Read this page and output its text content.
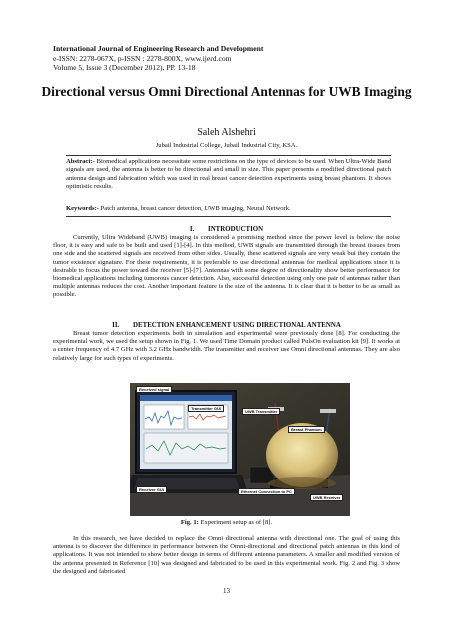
International Journal of Engineering Research and Development
e-ISSN: 2278-067X, p-ISSN : 2278-800X, www.ijerd.com
Volume 5, Issue 3 (December 2012), PP. 13-18
Directional versus Omni Directional Antennas for UWB Imaging
Saleh Alshehri
Jubail Industrial College, Jubail Industrial City, KSA.
Abstract:- Biomedical applications necessitate some restrictions on the type of devices to be used. When Ultra-Wide Band signals are used, the antenna is better to be directional and small in size. This paper presents a modified directional patch antenna design and fabrication which was used in real breast cancer detection experiments using breast phantom. It shows optimistic results.
Keywords:- Patch antenna, breast cancer detection, UWB imaging, Neural Network.
I.        INTRODUCTION
Currently, Ultra Wideband (UWB) imaging is considered a promising method since the power level is below the noise floor, it is easy and safe to be built and used [1]-[4]. In this method, UWB signals are transmitted through the breast tissues from one side and the scattered signals are received from other sides. Usually, these scattered signals are very weak but they contain the tumor existence signature. For these requirements, it is preferable to use directional antennas for medical applications since it is desirable to focus the power toward the receiver [5]-[7]. Antennas with some degree of directionality show better performance for biomedical applications including tumorous cancer detection. Also, successful detection using only one pair of antennas rather than multiple antennas reduces the cost. Another important feature is the size of the antenna. It is clear that it is better to be as small as possible.
II.        DETECTION ENHANCEMENT USING DIRECTIONAL ANTENNA
Breast tumor detection experiments both in simulation and experimental were previously done [8]. For conducting the experimental work, we used the setup shown in Fig. 1. We used Time Domain product called PulsOn evaluation kit [9]. It works at a center frequency of 4.7 GHz with 3.2 GHz bandwidth. The transmitter and receiver use Omni directional antennas. They are also relatively large for such types of experiments.
Received signal
Transmitter GUI
UWB Transmitter
Breast Phantom
Receiver GUI	Ethernet Connection to PC
UWB Receiver
Fig. 1: Experiment setup as of [8].
In this research, we have decided to replace the Omni directional antenna with directional one. The goal of using this antenna is to discover the difference in performance between the Omni-directional and directional patch antennas in this kind of applications. It was not intended to show better design in terms of different antenna parameters. A smaller and modified version of the antenna presented in Reference [10] was designed and fabricated to be used in this experimental work. Fig. 2 and Fig. 3 show the designed and fabricated
13
